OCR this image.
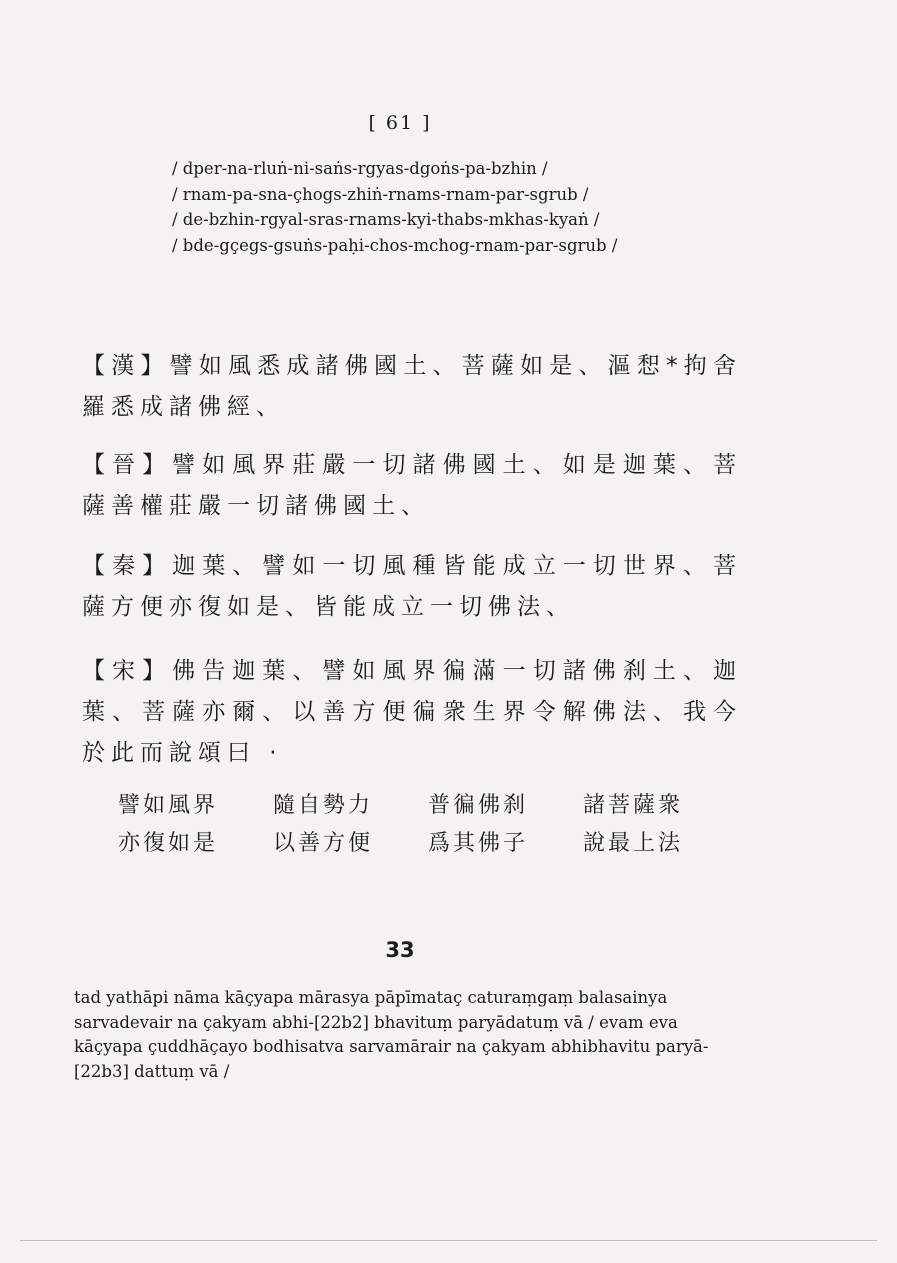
[ 61 ]
/ dper-na-rluṅ-ni-saṅs-rgyas-dgoṅs-pa-bzhin /
/ rnam-pa-sna-çhogs-zhiṅ-rnams-rnam-par-sgrub /
/ de-bzhin-rgyal-sras-rnams-kyi-thabs-mkhas-kyaṅ /
/ bde-gçegs-gsuṅs-paḥi-chos-mchog-rnam-par-sgrub /
【漢】譬如風悉成諸佛國土、菩薩如是、漚惒*拘舍羅悉成諸佛經、
【晉】譬如風界莊嚴一切諸佛國土、如是迦葉、菩薩善權莊嚴一切諸佛國土、
【秦】迦葉、譬如一切風種皆能成立一切世界、菩薩方便亦復如是、皆能成立一切佛法、
【宋】佛告迦葉、譬如風界徧滿一切諸佛刹土、迦葉、菩薩亦爾、以善方便徧衆生界令解佛法、我今於此而說頌曰 ·
譬如風界	隨自勢力	普徧佛刹	諸菩薩衆
亦復如是	以善方便	爲其佛子	說最上法
33
tad yathāpi nāma kāçyapa mārasya pāpīmataç caturaṃgaṃ balasainya
sarvadevair na çakyam abhi-[22b2] bhavituṃ paryādatuṃ vā / evam eva
kāçyapa çuddhāçayo bodhisatva sarvamārair na çakyam abhibhavitu paryā-
[22b3] dattuṃ vā /
